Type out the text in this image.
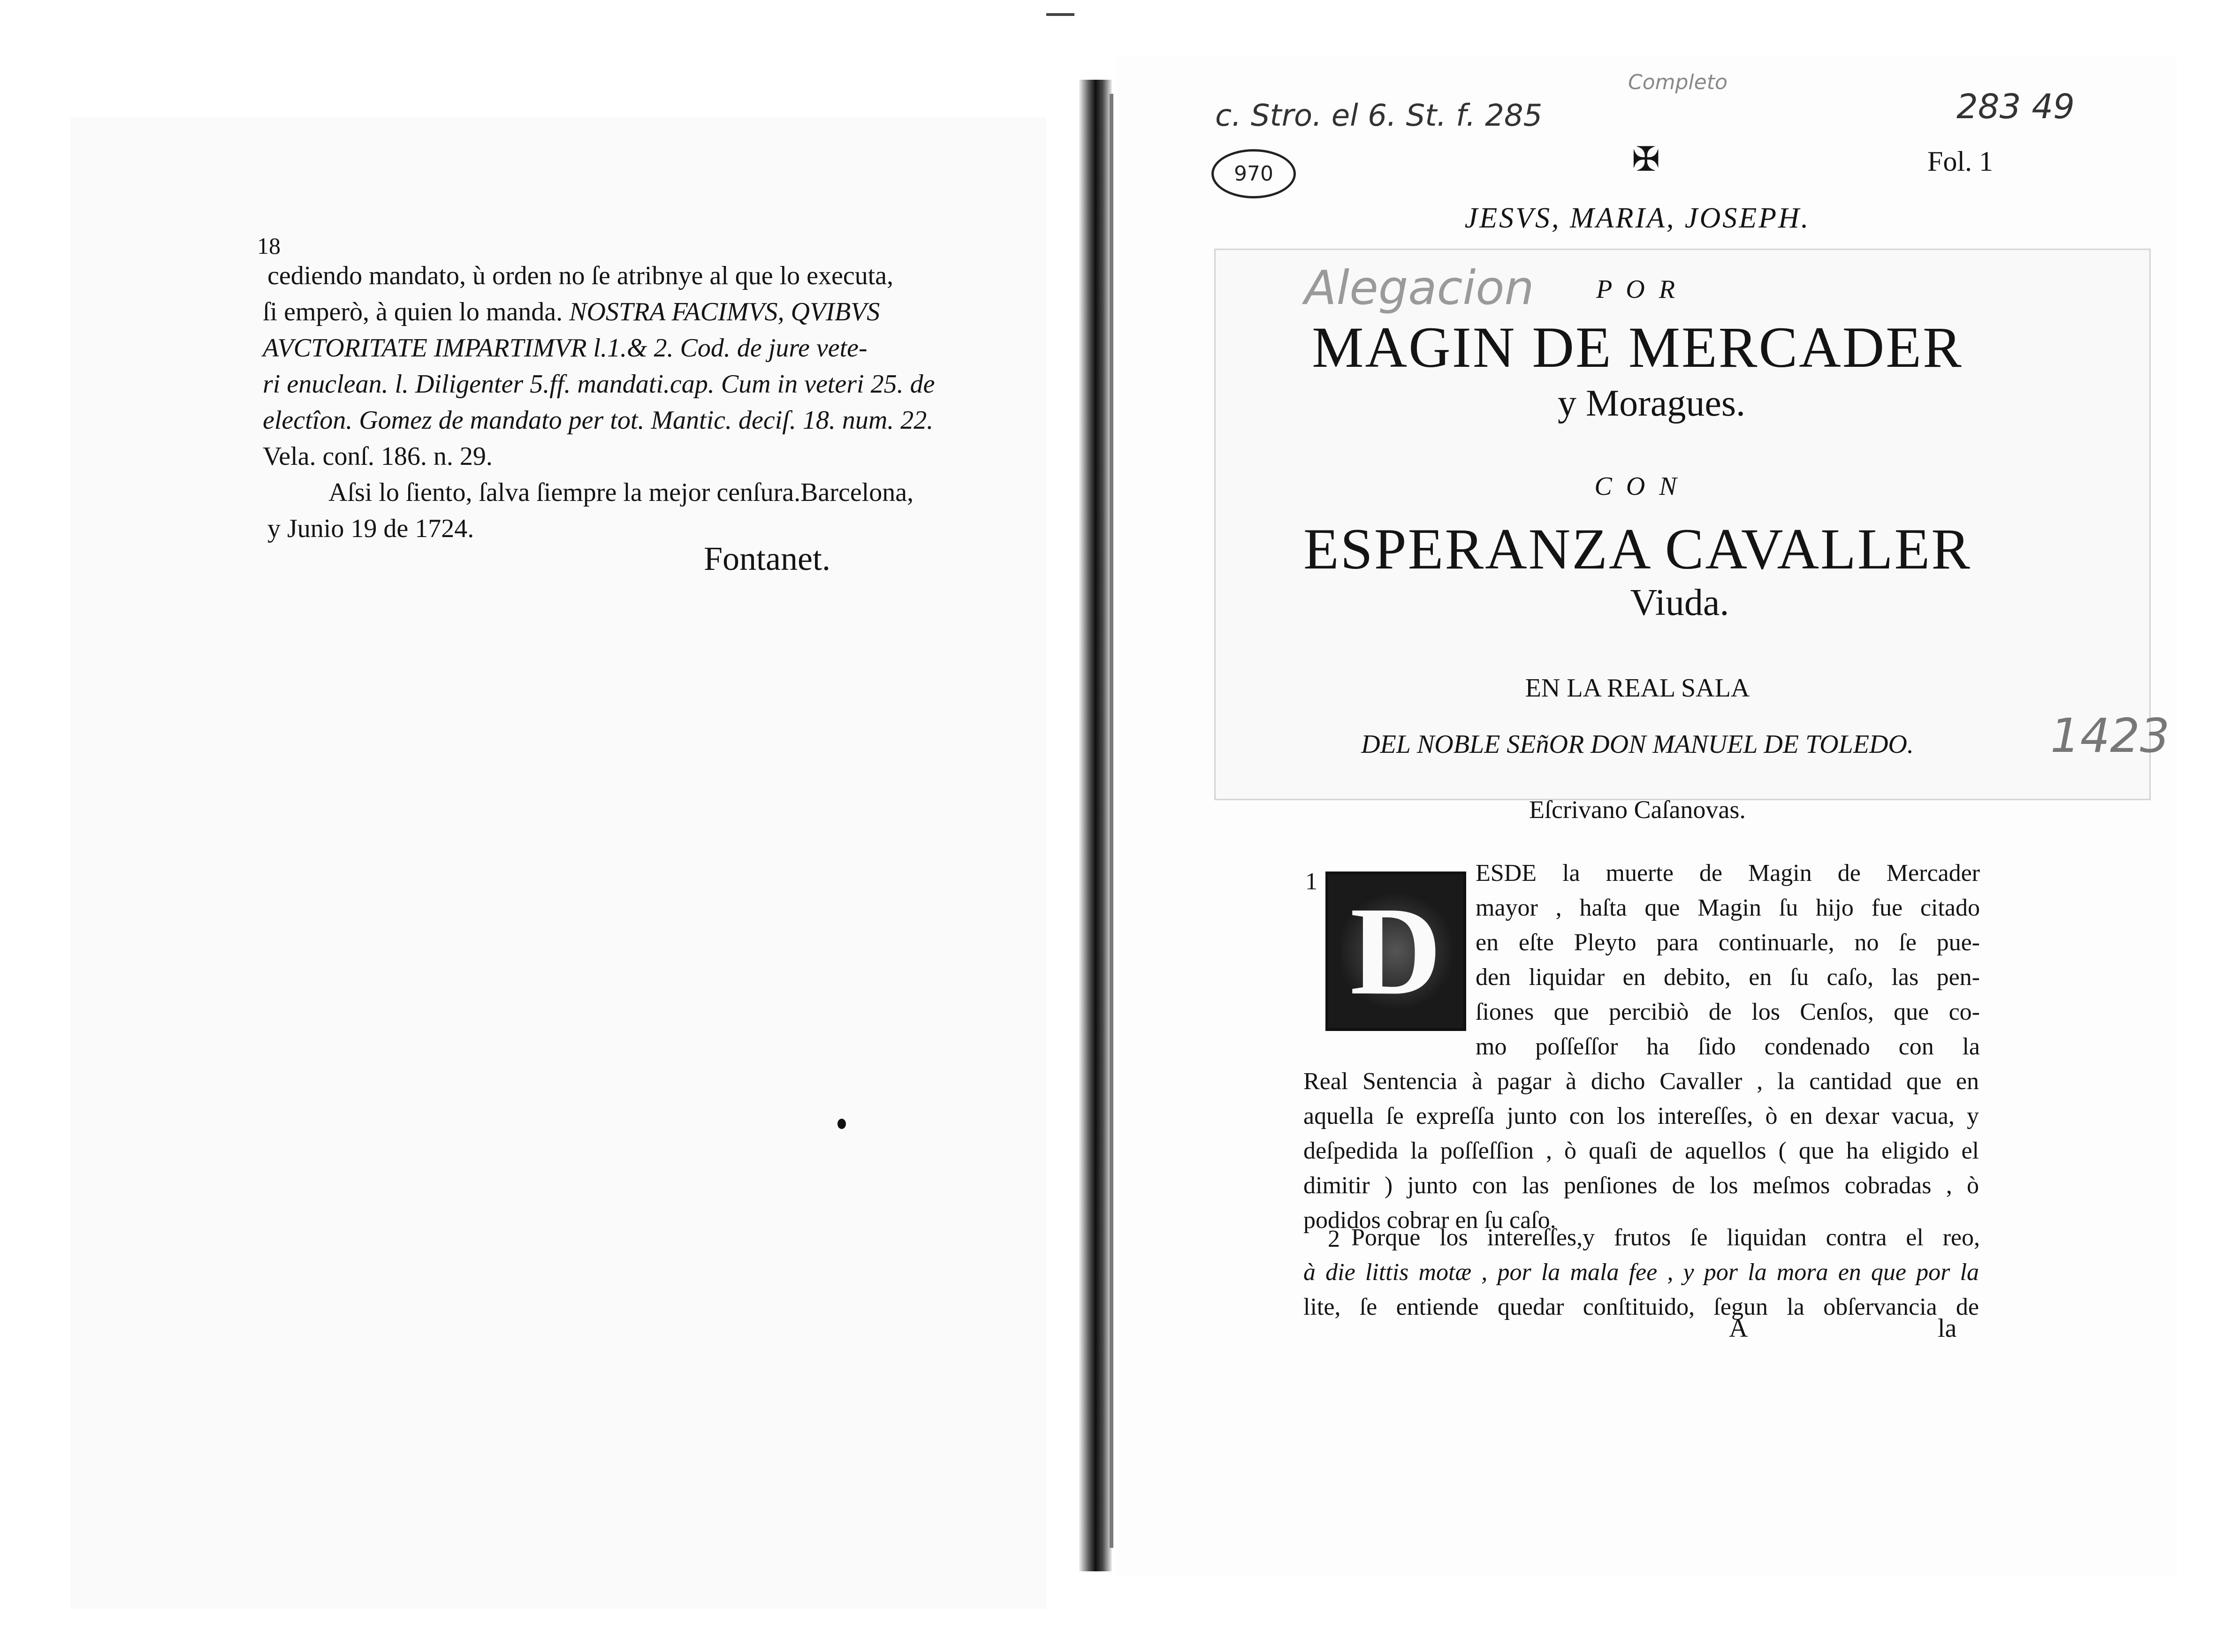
18
cediendo mandato, ù orden no ſe atribnye al que lo executa,
ſi emperò, à quien lo manda. NOSTRA FACIMVS, QVIBVS
AVCTORITATE IMPARTIMVR l.1.& 2. Cod. de jure vete-
ri enuclean. l. Diligenter 5.ff. mandati.cap. Cum in veteri 25. de
electîon. Gomez de mandato per tot. Mantic. deciſ. 18. num. 22.
Vela. conſ. 186. n. 29.
Aſsi lo ſiento, ſalva ſiempre la mejor cenſura.Barcelona,
y Junio 19 de 1724.
Fontanet.
c. Stro. el 6. St. f. 285
Completo
283 49
970
Alegacion
1423
✠	Fol. 1
JESVS, MARIA, JOSEPH.
P O R
MAGIN DE MERCADER
y Moragues.
C O N
ESPERANZA CAVALLER
Viuda.
EN LA REAL SALA
DEL NOBLE SEñOR DON MANUEL DE TOLEDO.
Eſcrivano Caſanovas.
1 D
ESDE la muerte de Magin de Mercader
mayor , haſta que Magin ſu hijo fue citado
en eſte Pleyto para continuarle, no ſe pue-
den liquidar en debito, en ſu caſo, las pen-
ſiones que percibiò de los Cenſos, que co-
mo poſſeſſor ha ſido condenado con la
Real Sentencia à pagar à dicho Cavaller , la cantidad que en
aquella ſe expreſſa junto con los intereſſes, ò en dexar vacua, y
deſpedida la poſſeſſion , ò quaſi de aquellos ( que ha eligido el
dimitir ) junto con las penſiones de los meſmos cobradas , ò
podidos cobrar en ſu caſo.
2 Porque los intereſſes,y frutos ſe liquidan contra el reo,
à die littis motæ , por la mala fee , y por la mora en que por la
lite, ſe entiende quedar conſtituido, ſegun la obſervancia de
A	la
